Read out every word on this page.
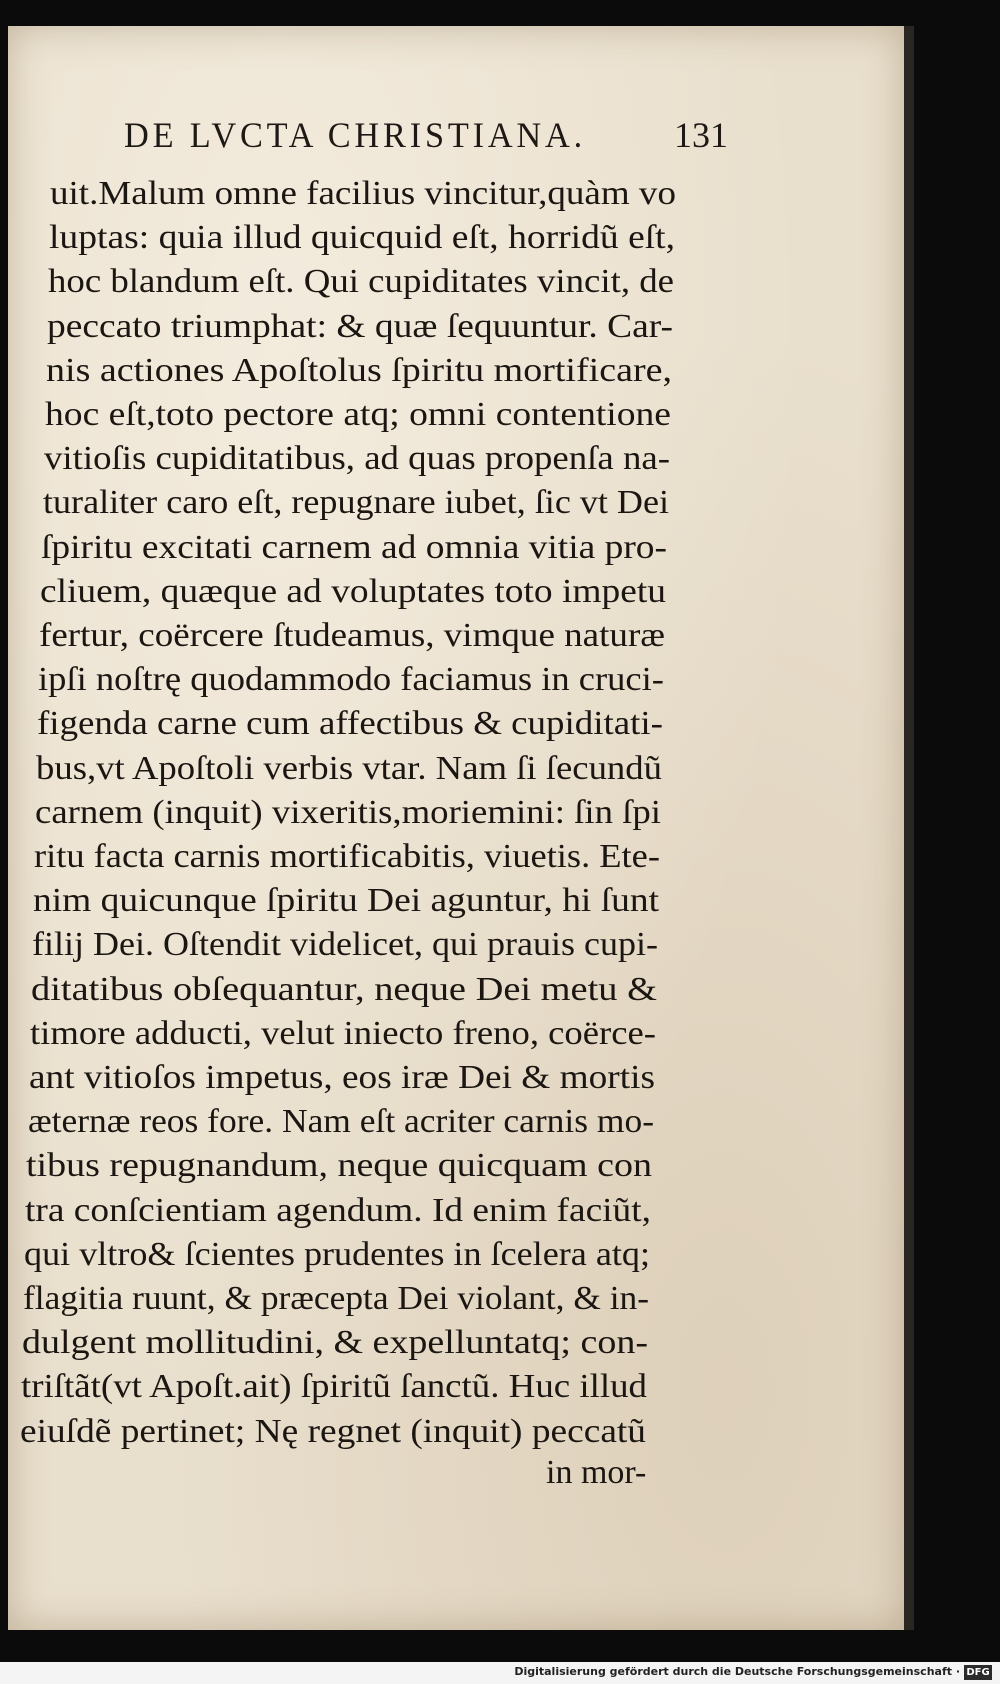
DE LVCTA CHRISTIANA. 131
uit.Malum omne facilius vincitur,quàm vo
luptas: quia illud quicquid eſt, horridũ eſt,
hoc blandum eſt. Qui cupiditates vincit, de
peccato triumphat: & quæ ſequuntur. Car-
nis actiones Apoſtolus ſpiritu mortificare,
hoc eſt,toto pectore atq; omni contentione
vitioſis cupiditatibus, ad quas propenſa na-
turaliter caro eſt, repugnare iubet, ſic vt Dei
ſpiritu excitati carnem ad omnia vitia pro-
cliuem, quæque ad voluptates toto impetu
fertur, coërcere ſtudeamus, vimque naturæ
ipſi noſtrę quodammodo faciamus in cruci-
figenda carne cum affectibus & cupiditati-
bus,vt Apoſtoli verbis vtar. Nam ſi ſecundũ
carnem (inquit) vixeritis,moriemini: ſin ſpi
ritu facta carnis mortificabitis, viuetis. Ete-
nim quicunque ſpiritu Dei aguntur, hi ſunt
filij Dei. Oſtendit videlicet, qui prauis cupi-
ditatibus obſequantur, neque Dei metu &
timore adducti, velut iniecto freno, coërce-
ant vitioſos impetus, eos iræ Dei & mortis
æternæ reos fore. Nam eſt acriter carnis mo-
tibus repugnandum, neque quicquam con
tra conſcientiam agendum. Id enim faciũt,
qui vltro& ſcientes prudentes in ſcelera atq;
flagitia ruunt, & præcepta Dei violant, & in-
dulgent mollitudini, & expelluntatq; con-
triſtãt(vt Apoſt.ait) ſpiritũ ſanctũ. Huc illud
eiuſdẽ pertinet; Nę regnet (inquit) peccatũ
in mor-
Digitalisierung gefördert durch die Deutsche Forschungsgemeinschaft · DFG
